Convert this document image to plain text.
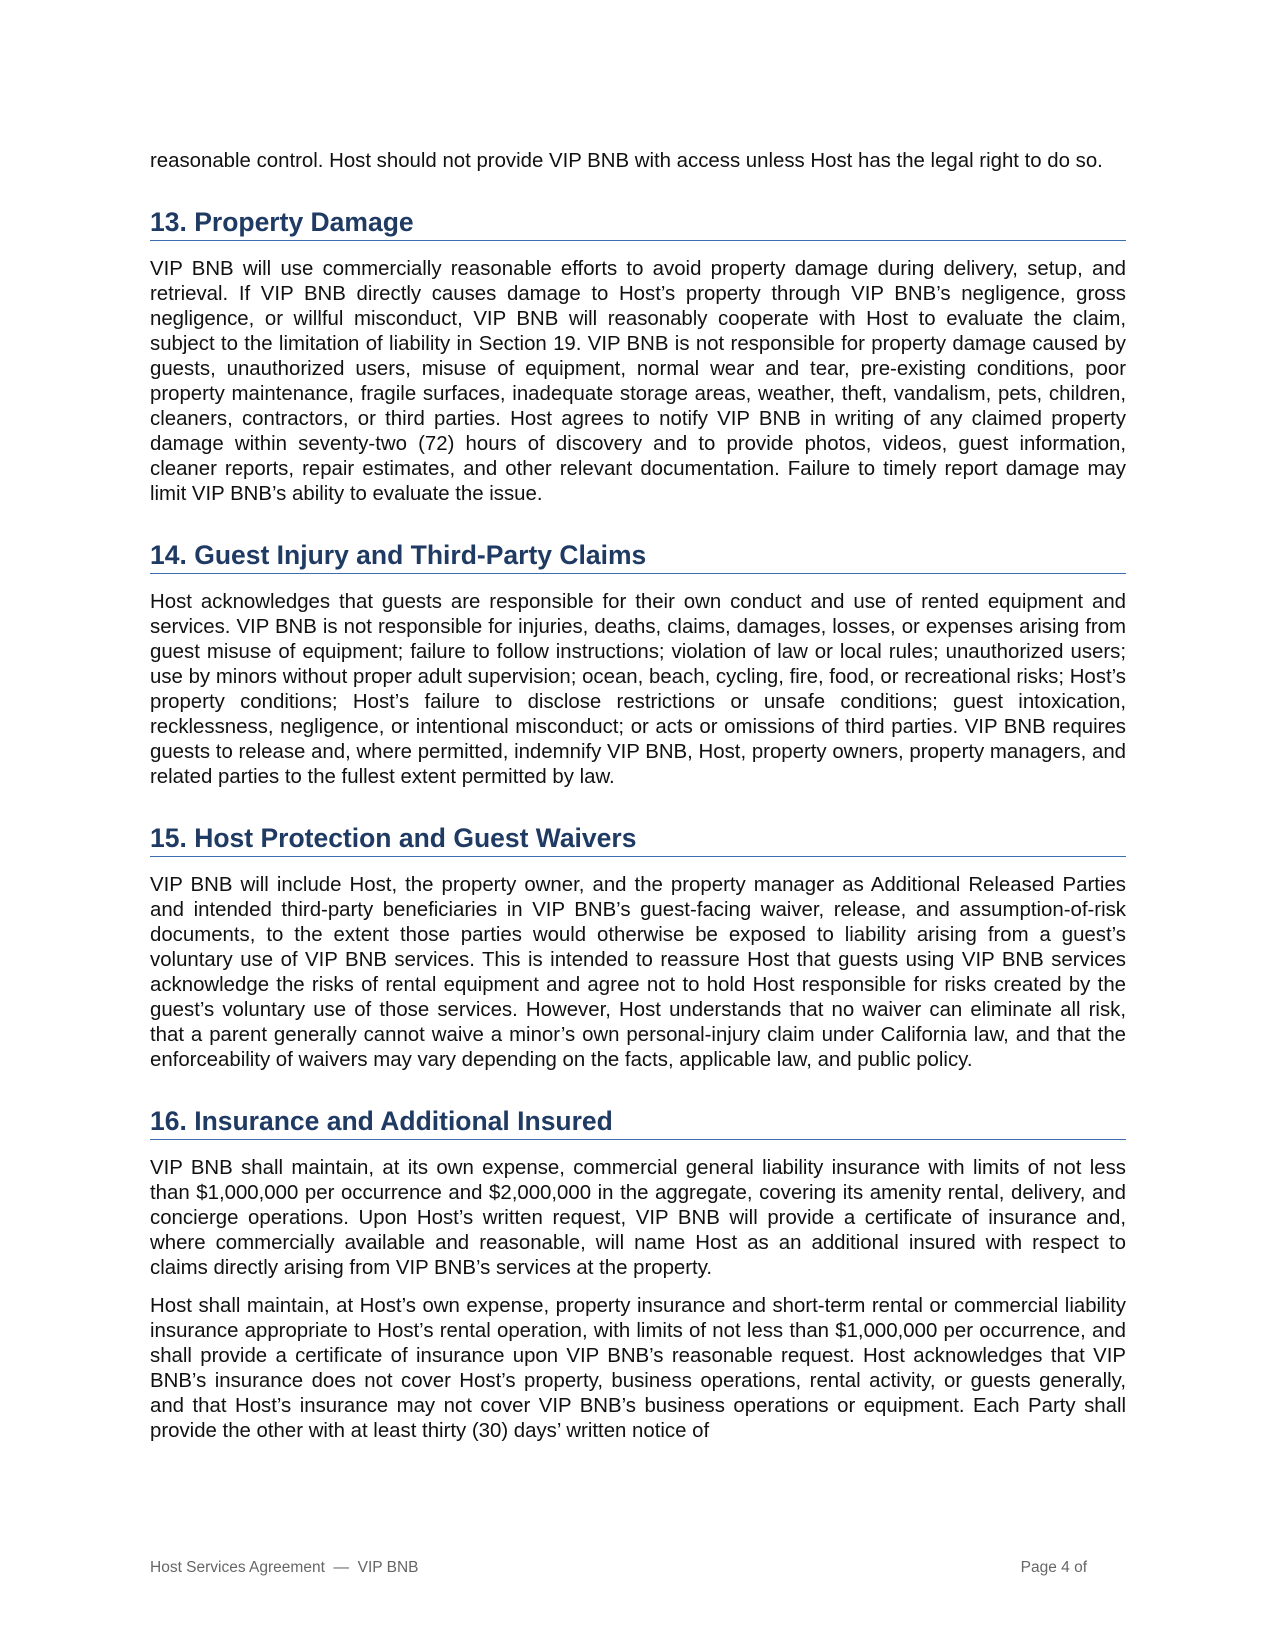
reasonable control. Host should not provide VIP BNB with access unless Host has the legal right to do so.

13. Property Damage

VIP BNB will use commercially reasonable efforts to avoid property damage during delivery, setup, and retrieval. If VIP BNB directly causes damage to Host’s property through VIP BNB’s negligence, gross negligence, or willful misconduct, VIP BNB will reasonably cooperate with Host to evaluate the claim, subject to the limitation of liability in Section 19. VIP BNB is not responsible for property damage caused by guests, unauthorized users, misuse of equipment, normal wear and tear, pre-existing conditions, poor property maintenance, fragile surfaces, inadequate storage areas, weather, theft, vandalism, pets, children, cleaners, contractors, or third parties. Host agrees to notify VIP BNB in writing of any claimed property damage within seventy-two (72) hours of discovery and to provide photos, videos, guest information, cleaner reports, repair estimates, and other relevant documentation. Failure to timely report damage may limit VIP BNB’s ability to evaluate the issue.

14. Guest Injury and Third-Party Claims

Host acknowledges that guests are responsible for their own conduct and use of rented equipment and services. VIP BNB is not responsible for injuries, deaths, claims, damages, losses, or expenses arising from guest misuse of equipment; failure to follow instructions; violation of law or local rules; unauthorized users; use by minors without proper adult supervision; ocean, beach, cycling, fire, food, or recreational risks; Host’s property conditions; Host’s failure to disclose restrictions or unsafe conditions; guest intoxication, recklessness, negligence, or intentional misconduct; or acts or omissions of third parties. VIP BNB requires guests to release and, where permitted, indemnify VIP BNB, Host, property owners, property managers, and related parties to the fullest extent permitted by law.

15. Host Protection and Guest Waivers

VIP BNB will include Host, the property owner, and the property manager as Additional Released Parties and intended third-party beneficiaries in VIP BNB’s guest-facing waiver, release, and assumption-of-risk documents, to the extent those parties would otherwise be exposed to liability arising from a guest’s voluntary use of VIP BNB services. This is intended to reassure Host that guests using VIP BNB services acknowledge the risks of rental equipment and agree not to hold Host responsible for risks created by the guest’s voluntary use of those services. However, Host understands that no waiver can eliminate all risk, that a parent generally cannot waive a minor’s own personal-injury claim under California law, and that the enforceability of waivers may vary depending on the facts, applicable law, and public policy.

16. Insurance and Additional Insured

VIP BNB shall maintain, at its own expense, commercial general liability insurance with limits of not less than $1,000,000 per occurrence and $2,000,000 in the aggregate, covering its amenity rental, delivery, and concierge operations. Upon Host’s written request, VIP BNB will provide a certificate of insurance and, where commercially available and reasonable, will name Host as an additional insured with respect to claims directly arising from VIP BNB’s services at the property.

Host shall maintain, at Host’s own expense, property insurance and short-term rental or commercial liability insurance appropriate to Host’s rental operation, with limits of not less than $1,000,000 per occurrence, and shall provide a certificate of insurance upon VIP BNB’s reasonable request. Host acknowledges that VIP BNB’s insurance does not cover Host’s property, business operations, rental activity, or guests generally, and that Host’s insurance may not cover VIP BNB’s business operations or equipment. Each Party shall provide the other with at least thirty (30) days’ written notice of

Host Services Agreement  —  VIP BNB	Page 4 of
